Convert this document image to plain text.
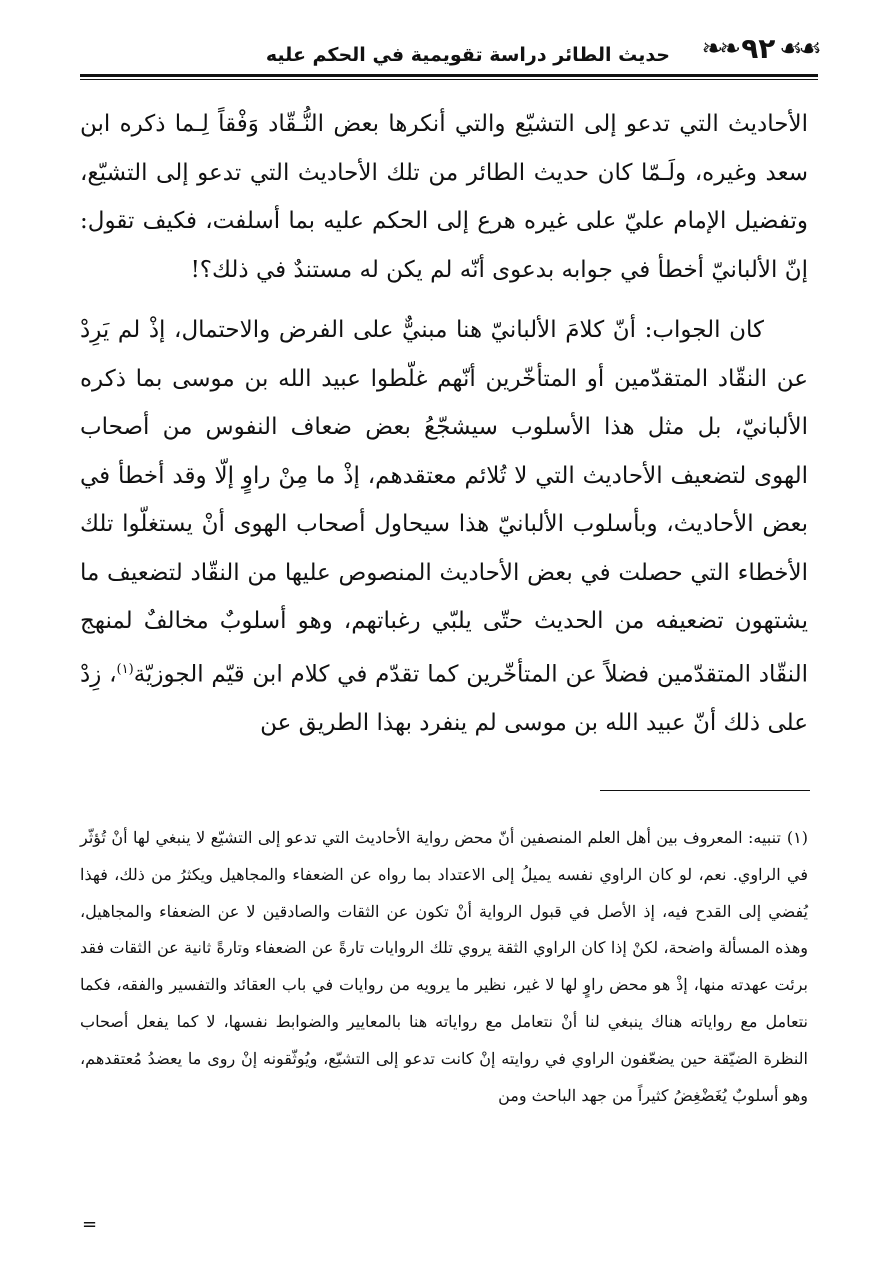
❧❧ ٩٢ ☙☙
حديث الطائر دراسة تقويمية في الحكم عليه

الأحاديث التي تدعو إلى التشيّع والتي أنكرها بعض النُّـقّاد وَفْقاً لِـما ذكره ابن سعد وغيره، ولَـمّا كان حديث الطائر من تلك الأحاديث التي تدعو إلى التشيّع، وتفضيل الإمام عليّ على غيره هرع إلى الحكم عليه بما أسلفت، فكيف تقول: إنّ الألبانيّ أخطأ في جوابه بدعوى أنّه لم يكن له مستندٌ في ذلك؟!

كان الجواب: أنّ كلامَ الألبانيّ هنا مبنيٌّ على الفرض والاحتمال، إذْ لم يَرِدْ عن النقّاد المتقدّمين أو المتأخّرين أنّهم غلّطوا عبيد الله بن موسى بما ذكره الألبانيّ، بل مثل هذا الأسلوب سيشجّعُ بعض ضعاف النفوس من أصحاب الهوى لتضعيف الأحاديث التي لا تُلائم معتقدهم، إذْ ما مِنْ راوٍ إلّا وقد أخطأ في بعض الأحاديث، وبأسلوب الألبانيّ هذا سيحاول أصحاب الهوى أنْ يستغلّوا تلك الأخطاء التي حصلت في بعض الأحاديث المنصوص عليها من النقّاد لتضعيف ما يشتهون تضعيفه من الحديث حتّى يلبّي رغباتهم، وهو أسلوبٌ مخالفٌ لمنهج النقّاد المتقدّمين فضلاً عن المتأخّرين كما تقدّم في كلام ابن قيّم الجوزيّة$^{(١)}$، زِدْ على ذلك أنّ عبيد الله بن موسى لم ينفرد بهذا الطريق عن

(١)تنبيه: المعروف بين أهل العلم المنصفين أنّ محض رواية الأحاديث التي تدعو إلى التشيّع لا ينبغي لها أنْ تُؤثّر في الراوي. نعم، لو كان الراوي نفسه يميلُ إلى الاعتداد بما رواه عن الضعفاء والمجاهيل ويكثرُ من ذلك، فهذا يُفضي إلى القدح فيه، إذ الأصل في قبول الرواية أنْ تكون عن الثقات والصادقين لا عن الضعفاء والمجاهيل، وهذه المسألة واضحة، لكنْ إذا كان الراوي الثقة يروي تلك الروايات تارةً عن الضعفاء وتارةً ثانية عن الثقات فقد برئت عهدته منها، إذْ هو محض راوٍ لها لا غير، نظير ما يرويه من روايات في باب العقائد والتفسير والفقه، فكما نتعامل مع رواياته هناك ينبغي لنا أنْ نتعامل مع رواياته هنا بالمعايير والضوابط نفسها، لا كما يفعل أصحاب النظرة الضيّقة حين يضعّفون الراوي في روايته إنْ كانت تدعو إلى التشيّع، ويُوثّقونه إنْ روى ما يعضدُ مُعتقدهم، وهو أسلوبٌ يُغَضْغِضُ كثيراً من جهد الباحث ومن
=
